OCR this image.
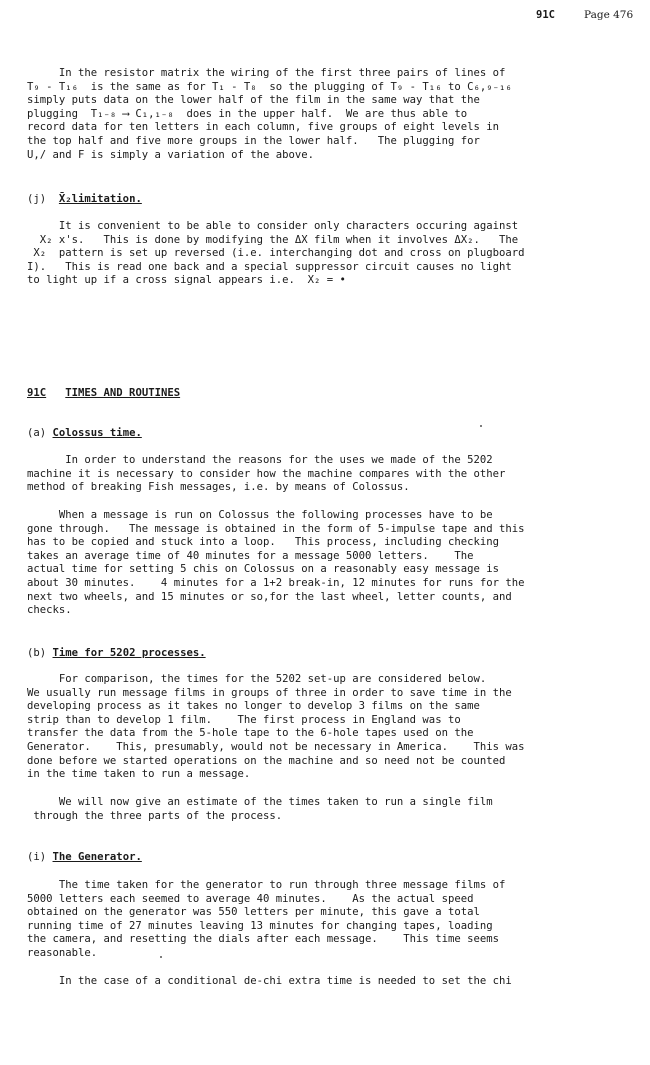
91C	Page 476
In the resistor matrix the wiring of the first three pairs of lines of
T₉ - T₁₆  is the same as for T₁ - T₈  so the plugging of T₉ - T₁₆ to C₆,₉₋₁₆
simply puts data on the lower half of the film in the same way that the
plugging  T₁₋₈ ⟶ C₁,₁₋₈  does in the upper half.  We are thus able to
record data for ten letters in each column, five groups of eight levels in
the top half and five more groups in the lower half.   The plugging for
U,/ and F is simply a variation of the above.
(j) X̄₂limitation.
It is convenient to be able to consider only characters occuring against
X̄₂ x's.   This is done by modifying the ΔX film when it involves ΔX₂.   The
X₂  pattern is set up reversed (i.e. interchanging dot and cross on plugboard
I).   This is read one back and a special suppressor circuit causes no light
to light up if a cross signal appears i.e.  X̄₂ = •
91C TIMES AND ROUTINES
(a) Colossus time.
In order to understand the reasons for the uses we made of the 5202
machine it is necessary to consider how the machine compares with the other
method of breaking Fish messages, i.e. by means of Colossus.
When a message is run on Colossus the following processes have to be
gone through.   The message is obtained in the form of 5-impulse tape and this
has to be copied and stuck into a loop.   This process, including checking
takes an average time of 40 minutes for a message 5000 letters.    The
actual time for setting 5 chis on Colossus on a reasonably easy message is
about 30 minutes.    4 minutes for a 1+2 break-in, 12 minutes for runs for the
next two wheels, and 15 minutes or so,for the last wheel, letter counts, and
checks.
(b) Time for 5202 processes.
For comparison, the times for the 5202 set-up are considered below.
We usually run message films in groups of three in order to save time in the
developing process as it takes no longer to develop 3 films on the same
strip than to develop 1 film.    The first process in England was to
transfer the data from the 5-hole tape to the 6-hole tapes used on the
Generator.    This, presumably, would not be necessary in America.    This was
done before we started operations on the machine and so need not be counted
in the time taken to run a message.
We will now give an estimate of the times taken to run a single film
through the three parts of the process.
(i) The Generator.
The time taken for the generator to run through three message films of
5000 letters each seemed to average 40 minutes.    As the actual speed
obtained on the generator was 550 letters per minute, this gave a total
running time of 27 minutes leaving 13 minutes for changing tapes, loading
the camera, and resetting the dials after each message.    This time seems
reasonable.
In the case of a conditional de-chi extra time is needed to set the chi
